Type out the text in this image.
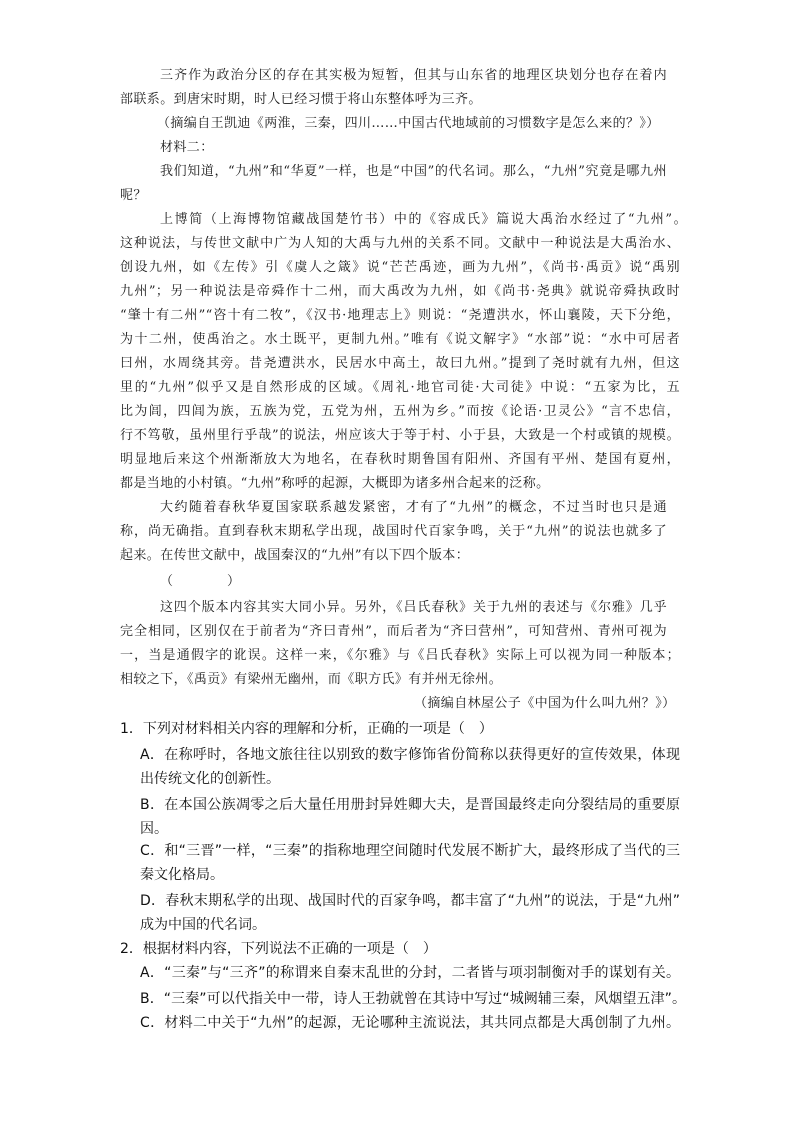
三齐作为政治分区的存在其实极为短暂，但其与山东省的地理区块划分也存在着内
部联系。到唐宋时期，时人已经习惯于将山东整体呼为三齐。
（摘编自王凯迪《两淮，三秦，四川……中国古代地域前的习惯数字是怎么来的？》）
材料二：
我们知道，“九州”和“华夏”一样，也是“中国”的代名词。那么，“九州”究竟是哪九州
呢？
上博简（上海博物馆藏战国楚竹书）中的《容成氏》篇说大禹治水经过了“九州”。
这种说法，与传世文献中广为人知的大禹与九州的关系不同。文献中一种说法是大禹治水、
创设九州，如《左传》引《虞人之箴》说“芒芒禹迹，画为九州”，《尚书·禹贡》说“禹别
九州”；另一种说法是帝舜作十二州，而大禹改为九州，如《尚书·尧典》就说帝舜执政时
“肇十有二州”“咨十有二牧”，《汉书·地理志上》则说：“尧遭洪水，怀山襄陵，天下分绝，
为十二州，使禹治之。水土既平，更制九州。”唯有《说文解字》“水部”说：“水中可居者
曰州，水周绕其旁。昔尧遭洪水，民居水中高土，故曰九州。”提到了尧时就有九州，但这
里的“九州”似乎又是自然形成的区域。《周礼·地官司徒·大司徒》中说：“五家为比，五
比为闾，四闾为族，五族为党，五党为州，五州为乡。”而按《论语·卫灵公》“言不忠信，
行不笃敬，虽州里行乎哉”的说法，州应该大于等于村、小于县，大致是一个村或镇的规模。
明显地后来这个州渐渐放大为地名，在春秋时期鲁国有阳州、齐国有平州、楚国有夏州，
都是当地的小村镇。“九州”称呼的起源，大概即为诸多州合起来的泛称。
大约随着春秋华夏国家联系越发紧密，才有了“九州”的概念，不过当时也只是通
称，尚无确指。直到春秋末期私学出现，战国时代百家争鸣，关于“九州”的说法也就多了
起来。在传世文献中，战国秦汉的“九州”有以下四个版本：
（　　　　）
这四个版本内容其实大同小异。另外，《吕氏春秋》关于九州的表述与《尔雅》几乎
完全相同，区别仅在于前者为“齐曰青州”，而后者为“齐曰营州”，可知营州、青州可视为
一，当是通假字的讹误。这样一来，《尔雅》与《吕氏春秋》实际上可以视为同一种版本；
相较之下，《禹贡》有梁州无幽州，而《职方氏》有并州无徐州。
（摘编自林屋公子《中国为什么叫九州？》）
1．下列对材料相关内容的理解和分析，正确的一项是（　）
A．在称呼时，各地文旅往往以别致的数字修饰省份简称以获得更好的宣传效果，体现
出传统文化的创新性。
B．在本国公族凋零之后大量任用册封异姓卿大夫，是晋国最终走向分裂结局的重要原
因。
C．和“三晋”一样，“三秦”的指称地理空间随时代发展不断扩大，最终形成了当代的三
秦文化格局。
D．春秋末期私学的出现、战国时代的百家争鸣，都丰富了“九州”的说法，于是“九州”
成为中国的代名词。
2．根据材料内容，下列说法不正确的一项是（　）
A．“三秦”与“三齐”的称谓来自秦末乱世的分封，二者皆与项羽制衡对手的谋划有关。
B．“三秦”可以代指关中一带，诗人王勃就曾在其诗中写过“城阙辅三秦，风烟望五津”。
C．材料二中关于“九州”的起源，无论哪种主流说法，其共同点都是大禹创制了九州。
